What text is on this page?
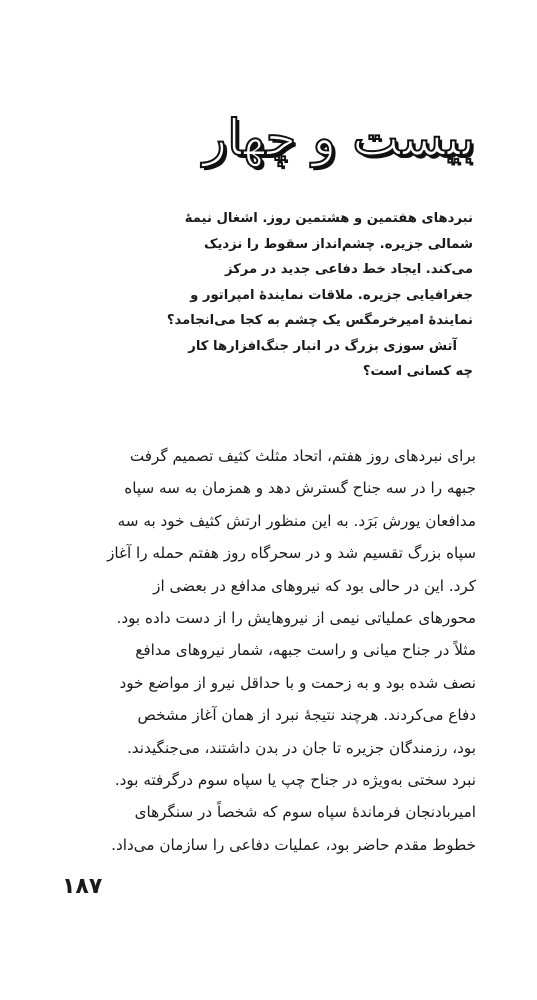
بیست و چهار
نبردهای هفتمین و هشتمین روز. اشغال نیمهٔ
شمالی جزیره. چشم‌انداز سقوط را نزدیک
می‌کند. ایجاد خط دفاعی جدید در مرکز
جغرافیایی جزیره. ملاقات نمایندهٔ امپراتور و
نمایندهٔ امیرخرمگس یک چشم به کجا می‌انجامد؟
آتش سوزی بزرگ در انبار جنگ‌افزارها کار
چه کسانی است؟
برای نبردهای روز هفتم، اتحاد مثلث کثیف تصمیم گرفت
جبهه را در سه جناح گسترش دهد و همزمان به سه سپاه
مدافعان یورش بَرَد. به این منظور ارتش کثیف خود به سه
سپاه بزرگ تقسیم شد و در سحرگاه روز هفتم حمله را آغاز
کرد. این در حالی بود که نیروهای مدافع در بعضی از
محورهای عملیاتی نیمی از نیروهایش را از دست داده بود.
مثلاً در جناح میانی و راست جبهه، شمار نیروهای مدافع
نصف شده بود و به زحمت و با حداقل نیرو از مواضع خود
دفاع می‌کردند. هرچند نتیجهٔ نبرد از همان آغاز مشخص
بود، رزمندگان جزیره تا جان در بدن داشتند، می‌جنگیدند.
نبرد سختی به‌ویژه در جناح چپ یا سپاه سوم درگرفته بود.
امیربادنجان فرماندهٔ سپاه سوم که شخصاً در سنگرهای
خطوط مقدم حاضر بود، عملیات دفاعی را سازمان می‌داد.
۱۸۷
